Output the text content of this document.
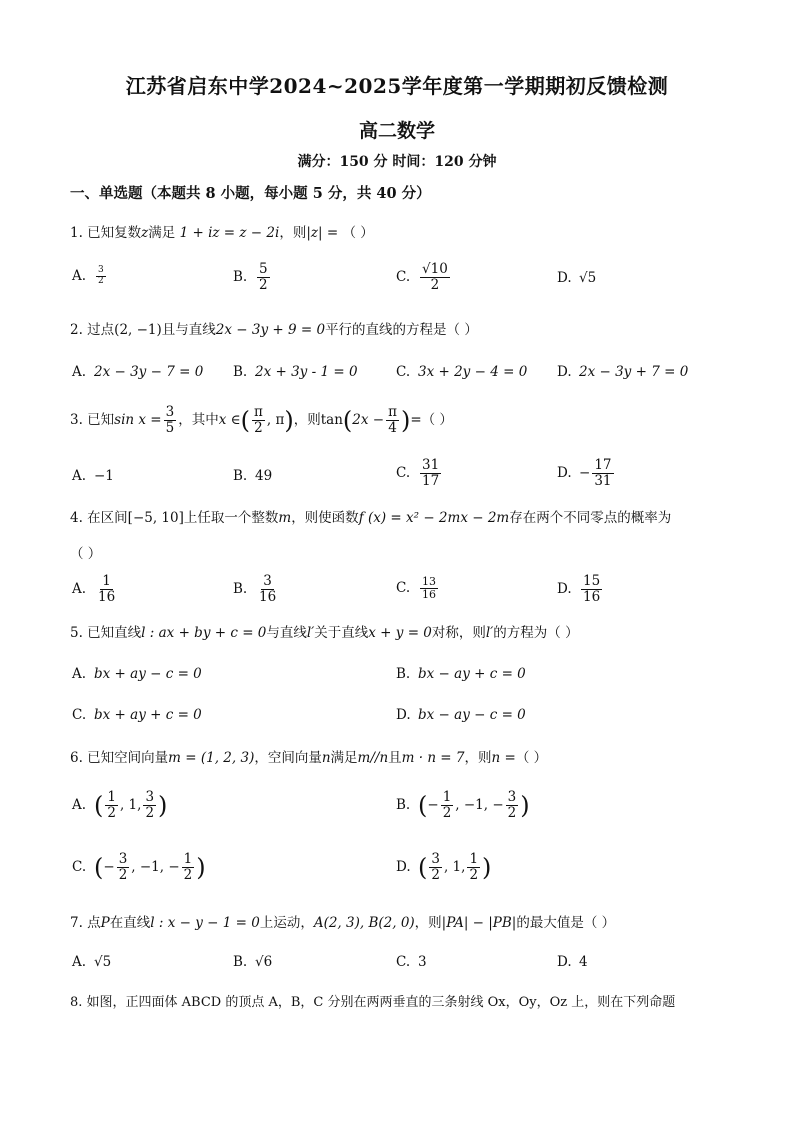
江苏省启东中学2024~2025学年度第一学期期初反馈检测
高二数学
满分：150 分 时间：120 分钟
一、单选题（本题共 8 小题，每小题 5 分，共 40 分）
1. 已知复数z满足 1 + iz = z − 2i，则|z| = （ ）
A. $\frac{3}{2}$	B. $\frac{5}{2}$	C. $\frac{√10}{2}$	D. √5
2. 过点(2, −1)且与直线2x − 3y + 9 = 0平行的直线的方程是（ ）
A. 2x − 3y − 7 = 0 B. 2x + 3y - 1 = 0	C. 3x + 2y − 4 = 0 D. 2x − 3y + 7 = 0
3. 已知$\sin x = \frac{3}{5}$ ，其中x ∈( $\frac{\pi}{2}$ , π)，则$\tan(2x - \frac{\pi}{4}$ )=（ ）
A. −1	B. 49	C. $\frac{31}{17}$	D. − $\frac{17}{31}$
4. 在区间[−5, 10]上任取一个整数m，则使函数f (x) = x² − 2mx − 2m存在两个不同零点的概率为
（ ）
A. $\frac{1}{16}$	B. $\frac{3}{16}$	C. $\frac{13}{16}$	D. $\frac{15}{16}$
5. 已知直线l : ax + by + c = 0与直线l′关于直线x + y = 0对称，则l′的方程为（ ）
A. bx + ay − c = 0	B. bx − ay + c = 0
C. bx + ay + c = 0	D. bx − ay − c = 0
6. 已知空间向量m = (1, 2, 3)，空间向量n满足m//n且m · n = 7，则n =（ ）
A. ( $\frac{1}{2}$ , 1, $\frac{3}{2}$ )	B. (− $\frac{1}{2}$ , −1, − $\frac{3}{2}$ )
C. (− $\frac{3}{2}$ , −1, − $\frac{1}{2}$ )	D. ( $\frac{3}{2}$ , 1, $\frac{1}{2}$ )
7. 点P在直线l : x − y − 1 = 0上运动，A(2, 3), B(2, 0)，则|PA| − |PB|的最大值是（ ）
A. √5	B. √6	C. 3	D. 4
8. 如图，正四面体 ABCD 的顶点 A，B，C 分别在两两垂直的三条射线 Ox，Oy，Oz 上，则在下列命题
